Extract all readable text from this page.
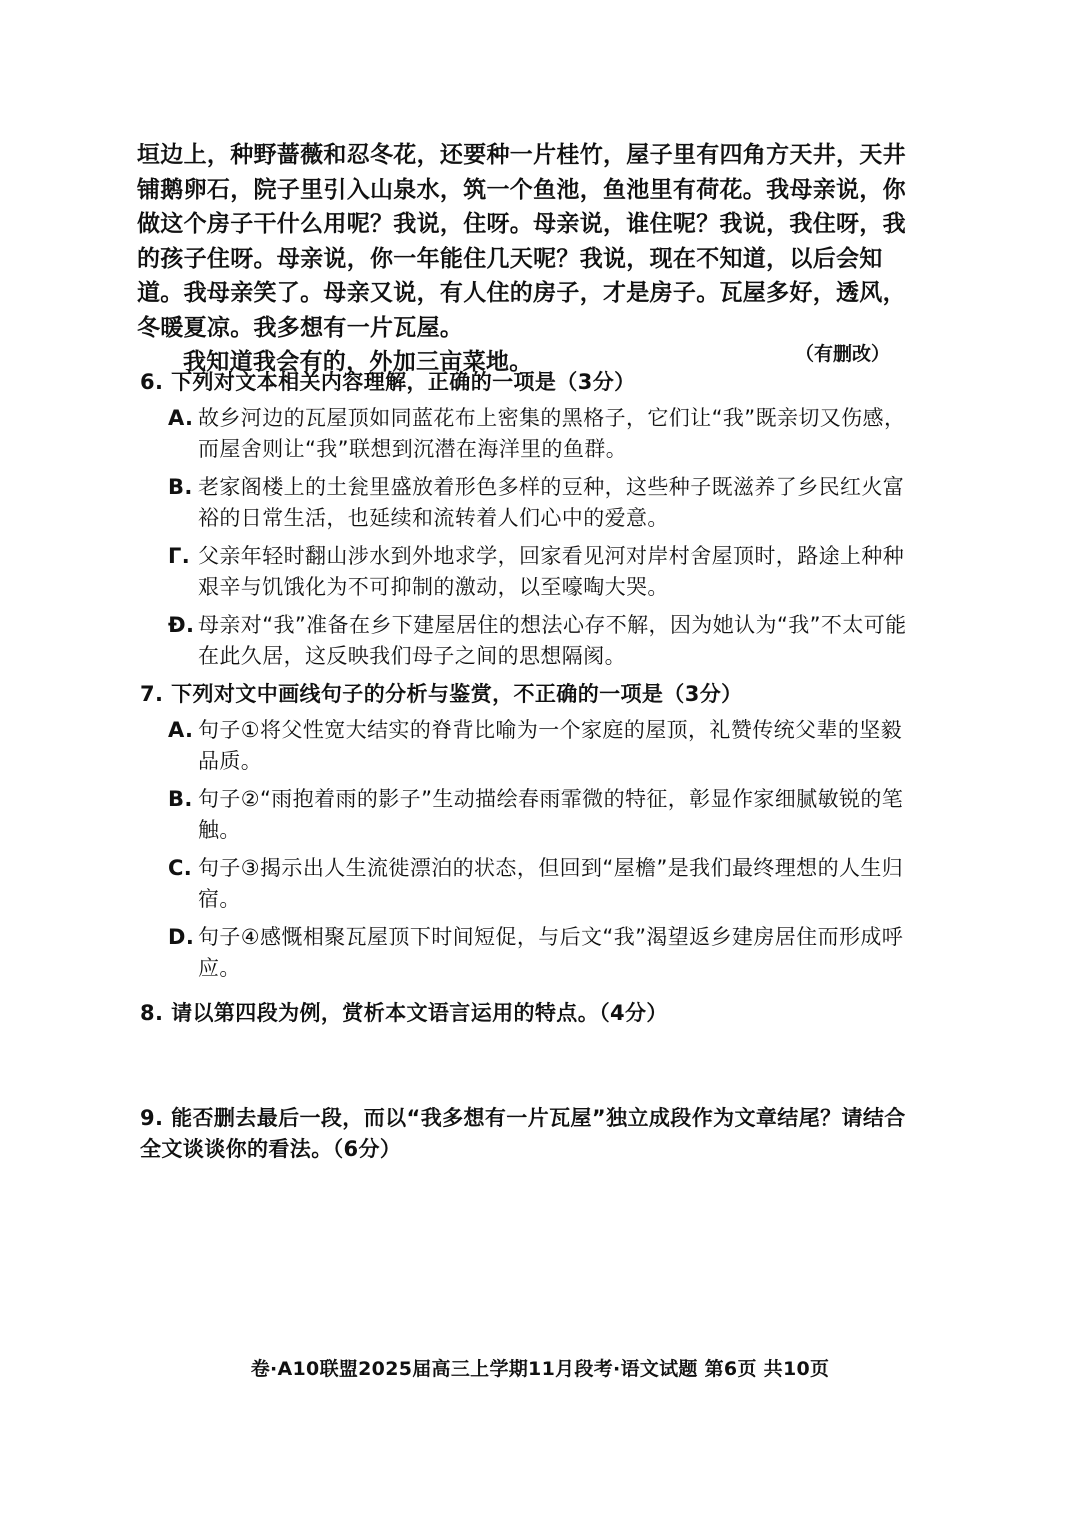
垣边上，种野蔷薇和忍冬花，还要种一片桂竹，屋子里有四角方天井，天井铺鹅卵石，院子里引入山泉水，筑一个鱼池，鱼池里有荷花。我母亲说，你做这个房子干什么用呢？我说，住呀。母亲说，谁住呢？我说，我住呀，我的孩子住呀。母亲说，你一年能住几天呢？我说，现在不知道，以后会知道。我母亲笑了。母亲又说，有人住的房子，才是房子。瓦屋多好，透风，冬暖夏凉。我多想有一片瓦屋。

我知道我会有的，外加三亩菜地。	（有删改）

6. 下列对文本相关内容理解，正确的一项是（3分）

A. 故乡河边的瓦屋顶如同蓝花布上密集的黑格子，它们让“我”既亲切又伤感，而屋舍则让“我”联想到沉潜在海洋里的鱼群。
B. 老家阁楼上的土瓮里盛放着形色多样的豆种，这些种子既滋养了乡民红火富裕的日常生活，也延续和流转着人们心中的爱意。
Γ. 父亲年轻时翻山涉水到外地求学，回家看见河对岸村舍屋顶时，路途上种种艰辛与饥饿化为不可抑制的激动，以至嚎啕大哭。
Ð. 母亲对“我”准备在乡下建屋居住的想法心存不解，因为她认为“我”不太可能在此久居，这反映我们母子之间的思想隔阂。

7. 下列对文中画线句子的分析与鉴赏，不正确的一项是（3分）

A. 句子①将父性宽大结实的脊背比喻为一个家庭的屋顶，礼赞传统父辈的坚毅品质。
B. 句子②“雨抱着雨的影子”生动描绘春雨霏微的特征，彰显作家细腻敏锐的笔触。
C. 句子③揭示出人生流徙漂泊的状态，但回到“屋檐”是我们最终理想的人生归宿。
D. 句子④感慨相聚瓦屋顶下时间短促，与后文“我”渴望返乡建房居住而形成呼应。

8. 请以第四段为例，赏析本文语言运用的特点。（4分）

9. 能否删去最后一段，而以“我多想有一片瓦屋”独立成段作为文章结尾？请结合全文谈谈你的看法。（6分）

卷·A10联盟2025届高三上学期11月段考·语文试题 第6页 共10页
